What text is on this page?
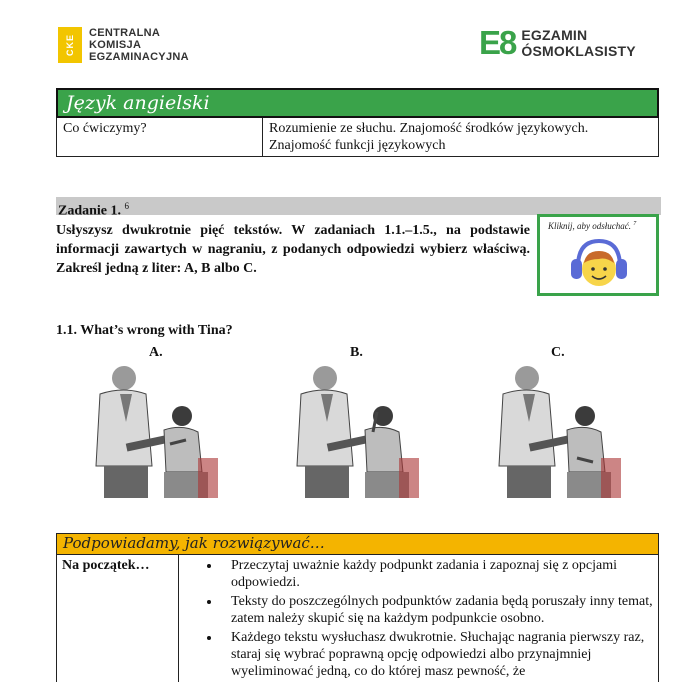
CKE
CENTRALNA
KOMISJA
EGZAMINACYJNA	E8 EGZAMIN
ÓSMOKLASISTY
Język angielski
Co ćwiczymy?	Rozumienie ze słuchu. Znajomość środków językowych.
Znajomość funkcji językowych
Zadanie 1. $^6$
Usłyszysz dwukrotnie pięć tekstów. W zadaniach 1.1.–1.5., na podstawie informacji zawartych w nagraniu, z podanych odpowiedzi wybierz właściwą. Zakreśl jedną z liter: A, B albo C.
Kliknij, aby odsłuchać. $^7$
1.1. What’s wrong with Tina?
A.	B.	C.
Podpowiadamy, jak rozwiązywać…
Na początek…
•	Przeczytaj uważnie każdy podpunkt zadania i zapoznaj się z opcjami odpowiedzi.
• Teksty do poszczególnych podpunktów zadania będą poruszały inny temat, zatem należy skupić się na każdym podpunkcie osobno.
• Każdego tekstu wysłuchasz dwukrotnie. Słuchając nagrania pierwszy raz, staraj się wybrać poprawną opcję odpowiedzi albo przynajmniej wyeliminować jedną, co do której masz pewność, że
